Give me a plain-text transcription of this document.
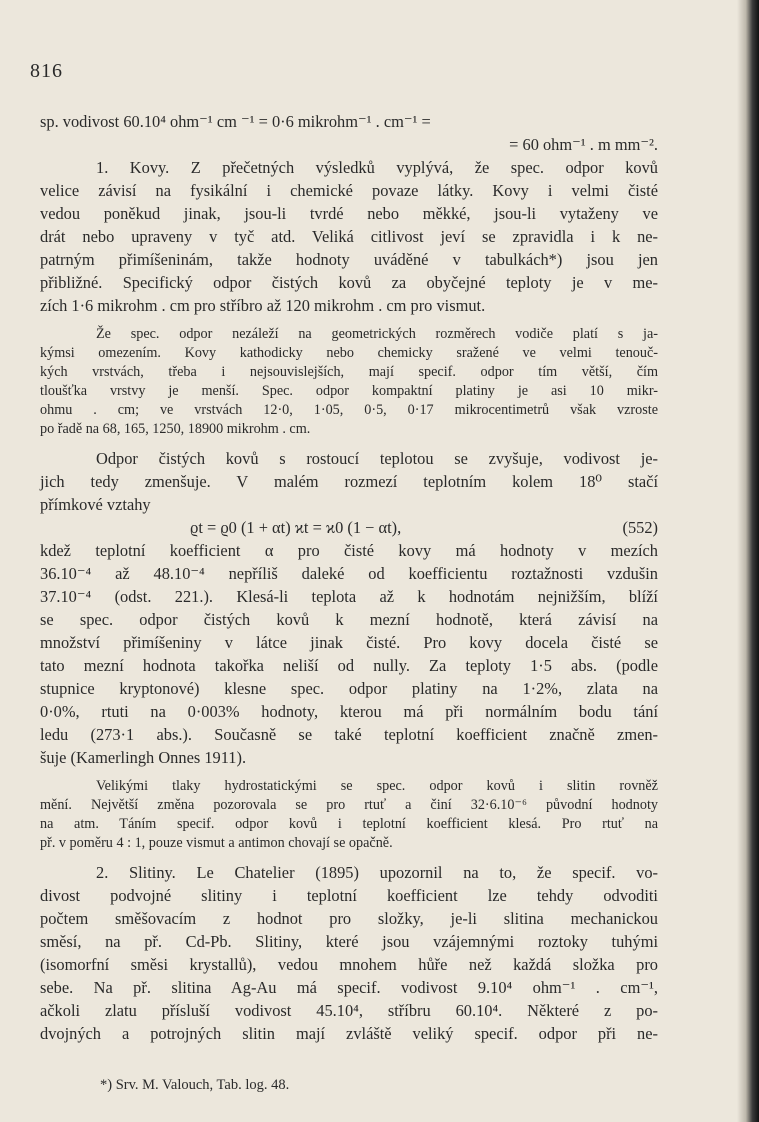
816
sp. vodivost 60.10⁴ ohm⁻¹ cm ⁻¹ = 0·6 mikrohm⁻¹ . cm⁻¹ =
= 60 ohm⁻¹ . m mm⁻².
1. Kovy. Z přečetných výsledků vyplývá, že spec. odpor kovů
velice závisí na fysikální i chemické povaze látky. Kovy i velmi čisté
vedou poněkud jinak, jsou-li tvrdé nebo měkké, jsou-li vytaženy ve
drát nebo upraveny v tyč atd. Veliká citlivost jeví se zpravidla i k ne-
patrným přimíšeninám, takže hodnoty uváděné v tabulkách*) jsou jen
přibližné. Specifický odpor čistých kovů za obyčejné teploty je v me-
zích 1·6 mikrohm . cm pro stříbro až 120 mikrohm . cm pro vismut.
Že spec. odpor nezáleží na geometrických rozměrech vodiče platí s ja-
kýmsi omezením. Kovy kathodicky nebo chemicky sražené ve velmi tenouč-
kých vrstvách, třeba i nejsouvislejších, mají specif. odpor tím větší, čím
tloušťka vrstvy je menší. Spec. odpor kompaktní platiny je asi 10 mikr-
ohmu . cm; ve vrstvách 12·0, 1·05, 0·5, 0·17 mikrocentimetrů však vzroste
po řadě na 68, 165, 1250, 18900 mikrohm . cm.
Odpor čistých kovů s rostoucí teplotou se zvyšuje, vodivost je-
jich tedy zmenšuje. V malém rozmezí teplotním kolem 18⁰ stačí
přímkové vztahy
ϱt = ϱ0 (1 + αt) ϰt = ϰ0 (1 − αt),	(552)
kdež teplotní koefficient α pro čisté kovy má hodnoty v mezích
36.10⁻⁴ až 48.10⁻⁴ nepříliš daleké od koefficientu roztažnosti vzdušin
37.10⁻⁴ (odst. 221.). Klesá-li teplota až k hodnotám nejnižším, blíží
se spec. odpor čistých kovů k mezní hodnotě, která závisí na
množství přimíšeniny v látce jinak čisté. Pro kovy docela čisté se
tato mezní hodnota takořka neliší od nully. Za teploty 1·5 abs. (podle
stupnice kryptonové) klesne spec. odpor platiny na 1·2%, zlata na
0·0%, rtuti na 0·003% hodnoty, kterou má při normálním bodu tání
ledu (273·1 abs.). Současně se také teplotní koefficient značně zmen-
šuje (Kamerlingh Onnes 1911).
Velikými tlaky hydrostatickými se spec. odpor kovů i slitin rovněž
mění. Největší změna pozorovala se pro rtuť a činí 32·6.10⁻⁶ původní hodnoty
na atm. Táním specif. odpor kovů i teplotní koefficient klesá. Pro rtuť na
př. v poměru 4 : 1, pouze vismut a antimon chovají se opačně.
2. Slitiny. Le Chatelier (1895) upozornil na to, že specif. vo-
divost podvojné slitiny i teplotní koefficient lze tehdy odvoditi
počtem směšovacím z hodnot pro složky, je-li slitina mechanickou
směsí, na př. Cd-Pb. Slitiny, které jsou vzájemnými roztoky tuhými
(isomorfní směsi krystallů), vedou mnohem hůře než každá složka pro
sebe. Na př. slitina Ag-Au má specif. vodivost 9.10⁴ ohm⁻¹ . cm⁻¹,
ačkoli zlatu přísluší vodivost 45.10⁴, stříbru 60.10⁴. Některé z po-
dvojných a potrojných slitin mají zvláště veliký specif. odpor při ne-
*) Srv. M. Valouch, Tab. log. 48.
